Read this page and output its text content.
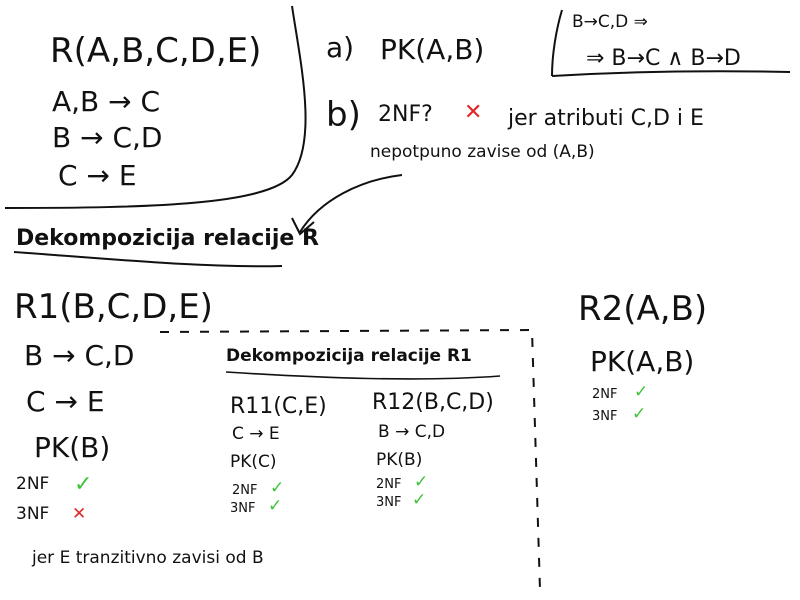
R(A,B,C,D,E)
A,B → C
B → C,D
C → E
a) PK(A,B)
B→C,D ⇒
⇒ B→C ∧ B→D
b) 2NF? ✕ jer atributi C,D i E
nepotpuno zavise od (A,B)
Dekompozicija relacije R
R1(B,C,D,E)
B → C,D
C → E
PK(B)
2NF ✓
3NF ✕
jer E tranzitivno zavisi od B
Dekompozicija relacije R1
R11(C,E)
C → E
PK(C)
2NF ✓
3NF ✓
R12(B,C,D)
B → C,D
PK(B)
2NF ✓
3NF ✓
R2(A,B)
PK(A,B)
2NF ✓
3NF ✓
